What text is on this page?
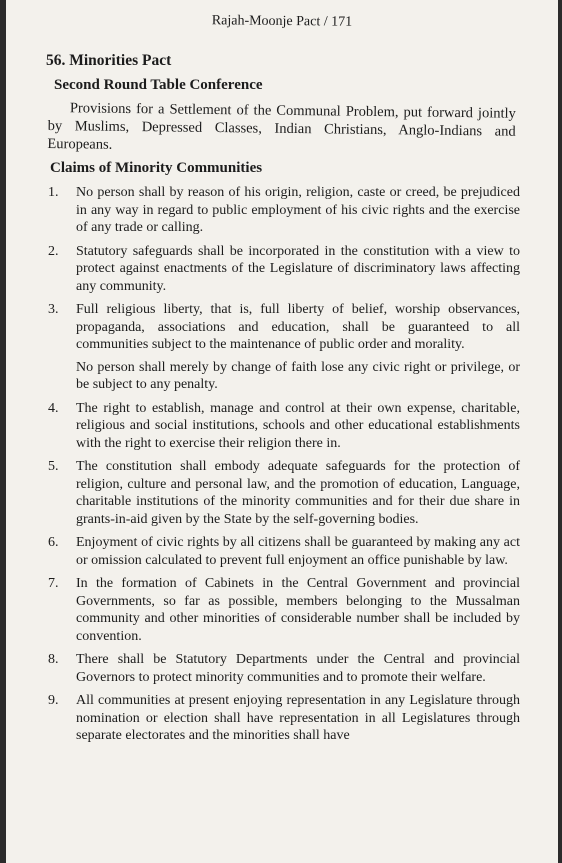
Rajah-Moonje Pact / 171
56. Minorities Pact
Second Round Table Conference
Provisions for a Settlement of the Communal Problem, put forward jointly by Muslims, Depressed Classes, Indian Christians, Anglo-Indians and Europeans.
Claims of Minority Communities
1. No person shall by reason of his origin, religion, caste or creed, be prejudiced in any way in regard to public employment of his civic rights and the exercise of any trade or calling.
2. Statutory safeguards shall be incorporated in the constitution with a view to protect against enactments of the Legislature of discriminatory laws affecting any community.
3. Full religious liberty, that is, full liberty of belief, worship observances, propaganda, associations and education, shall be guaranteed to all communities subject to the maintenance of public order and morality.
No person shall merely by change of faith lose any civic right or privilege, or be subject to any penalty.
4. The right to establish, manage and control at their own expense, charitable, religious and social institutions, schools and other educational establishments with the right to exercise their religion there in.
5. The constitution shall embody adequate safeguards for the protection of religion, culture and personal law, and the promotion of education, Language, charitable institutions of the minority communities and for their due share in grants-in-aid given by the State by the self-governing bodies.
6. Enjoyment of civic rights by all citizens shall be guaranteed by making any act or omission calculated to prevent full enjoyment an office punishable by law.
7. In the formation of Cabinets in the Central Government and provincial Governments, so far as possible, members belonging to the Mussalman community and other minorities of considerable number shall be included by convention.
8. There shall be Statutory Departments under the Central and provincial Governors to protect minority communities and to promote their welfare.
9. All communities at present enjoying representation in any Legislature through nomination or election shall have representation in all Legislatures through separate electorates and the minorities shall have
